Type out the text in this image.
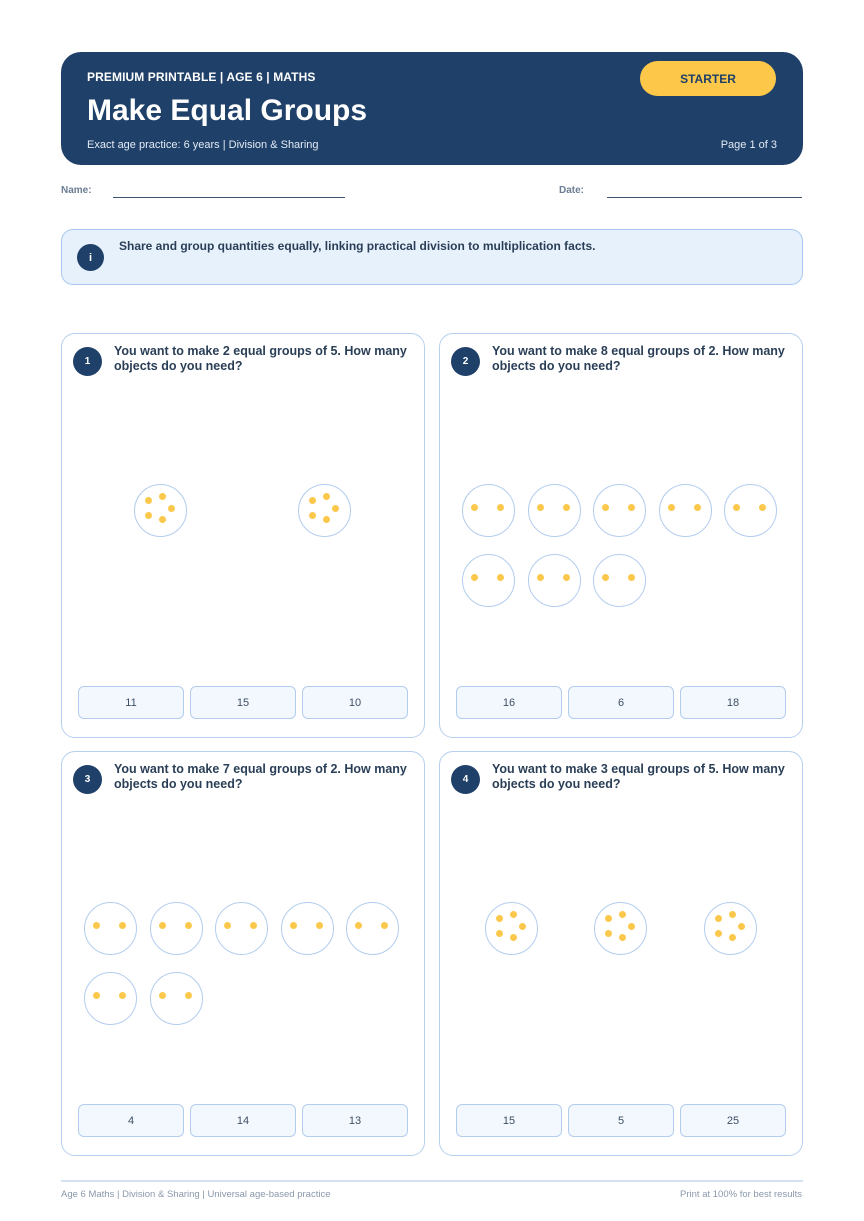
PREMIUM PRINTABLE | AGE 6 | MATHS
Make Equal Groups
Exact age practice: 6 years | Division & Sharing	Page 1 of 3
STARTER
Name:	Date:
i
Share and group quantities equally, linking practical division to multiplication facts.
1
You want to make 2 equal groups of 5. How many objects do you need?
11	15	10
2
You want to make 8 equal groups of 2. How many objects do you need?
16	6	18
3
You want to make 7 equal groups of 2. How many objects do you need?
4	14	13
4
You want to make 3 equal groups of 5. How many objects do you need?
15	5	25
Age 6 Maths | Division & Sharing | Universal age-based practice	Print at 100% for best results
